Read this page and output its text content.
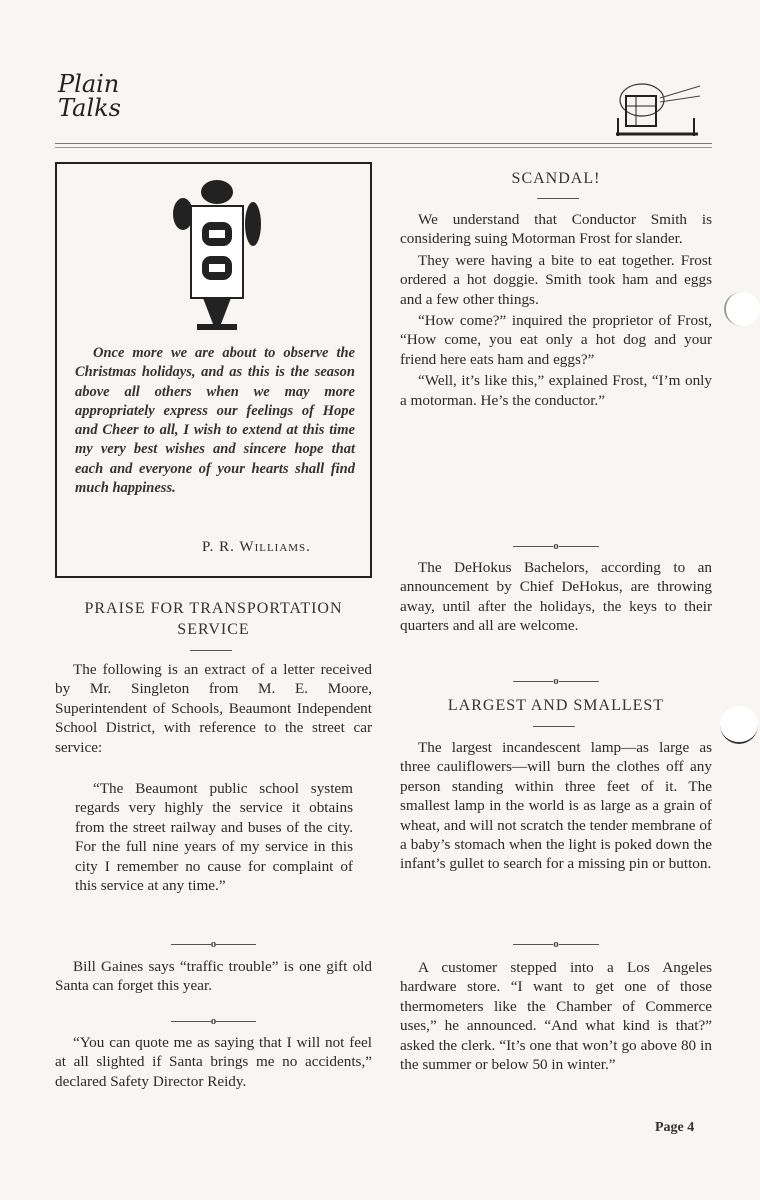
Plain
Talks
Once more we are about to observe the Christmas holidays, and as this is the season above all others when we may more appropriately express our feelings of Hope and Cheer to all, I wish to extend at this time my very best wishes and sincere hope that each and everyone of your hearts shall find much happiness.
P. R. Williams.
PRAISE FOR TRANSPORTATION SERVICE

The following is an extract of a letter received by Mr. Singleton from M. E. Moore, Superintendent of Schools, Beaumont Independent School District, with reference to the street car service:

“The Beaumont public school system regards very highly the service it obtains from the street railway and buses of the city. For the full nine years of my service in this city I remember no cause for complaint of this service at any time.”

o

Bill Gaines says “traffic trouble” is one gift old Santa can forget this year.

o

“You can quote me as saying that I will not feel at all slighted if Santa brings me no accidents,” declared Safety Director Reidy.

SCANDAL!

We understand that Conductor Smith is considering suing Motorman Frost for slander.

They were having a bite to eat together. Frost ordered a hot doggie. Smith took ham and eggs and a few other things.

“How come?” inquired the proprietor of Frost, “How come, you eat only a hot dog and your friend here eats ham and eggs?”

“Well, it’s like this,” explained Frost, “I’m only a motorman. He’s the conductor.”

o

The DeHokus Bachelors, according to an announcement by Chief DeHokus, are throwing away, until after the holidays, the keys to their quarters and all are welcome.

o
LARGEST AND SMALLEST

The largest incandescent lamp—as large as three cauliflowers—will burn the clothes off any person standing within three feet of it. The smallest lamp in the world is as large as a grain of wheat, and will not scratch the tender membrane of a baby’s stomach when the light is poked down the infant’s gullet to search for a missing pin or button.

o

A customer stepped into a Los Angeles hardware store. “I want to get one of those thermometers like the Chamber of Commerce uses,” he announced. “And what kind is that?” asked the clerk. “It’s one that won’t go above 80 in the summer or below 50 in winter.”

Page 4
